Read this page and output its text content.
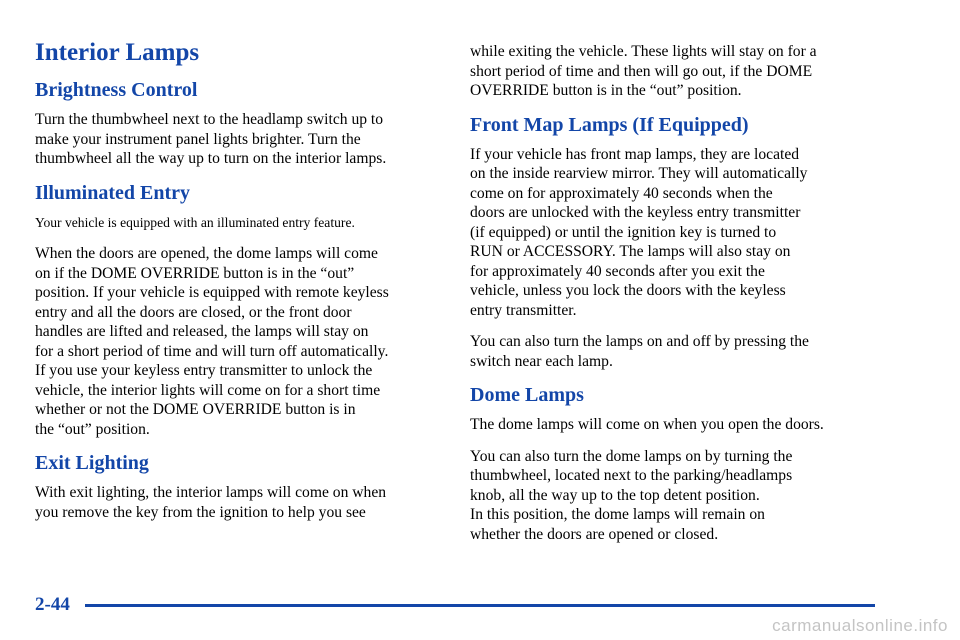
Interior Lamps
Brightness Control

Turn the thumbwheel next to the headlamp switch up to
make your instrument panel lights brighter. Turn the
thumbwheel all the way up to turn on the interior lamps.

Illuminated Entry

Your vehicle is equipped with an illuminated entry feature.

When the doors are opened, the dome lamps will come
on if the DOME OVERRIDE button is in the “out”
position. If your vehicle is equipped with remote keyless
entry and all the doors are closed, or the front door
handles are lifted and released, the lamps will stay on
for a short period of time and will turn off automatically.
If you use your keyless entry transmitter to unlock the
vehicle, the interior lights will come on for a short time
whether or not the DOME OVERRIDE button is in
the “out” position.

Exit Lighting

With exit lighting, the interior lamps will come on when
you remove the key from the ignition to help you see

while exiting the vehicle. These lights will stay on for a
short period of time and then will go out, if the DOME
OVERRIDE button is in the “out” position.

Front Map Lamps (If Equipped)

If your vehicle has front map lamps, they are located
on the inside rearview mirror. They will automatically
come on for approximately 40 seconds when the
doors are unlocked with the keyless entry transmitter
(if equipped) or until the ignition key is turned to
RUN or ACCESSORY. The lamps will also stay on
for approximately 40 seconds after you exit the
vehicle, unless you lock the doors with the keyless
entry transmitter.

You can also turn the lamps on and off by pressing the
switch near each lamp.

Dome Lamps

The dome lamps will come on when you open the doors.

You can also turn the dome lamps on by turning the
thumbwheel, located next to the parking/headlamps
knob, all the way up to the top detent position.
In this position, the dome lamps will remain on
whether the doors are opened or closed.

2-44
carmanualsonline.info
